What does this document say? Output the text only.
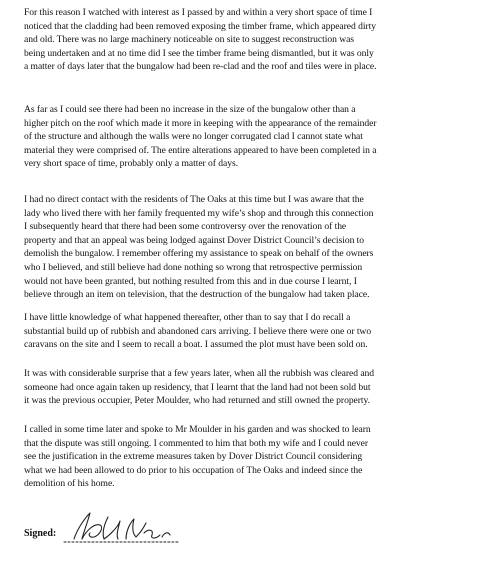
For this reason I watched with interest as I passed by and within a very short space of time I
noticed that the cladding had been removed exposing the timber frame, which appeared dirty
and old. There was no large machinery noticeable on site to suggest reconstruction was
being undertaken and at no time did I see the timber frame being dismantled, but it was only
a matter of days later that the bungalow had been re-clad and the roof and tiles were in place.
As far as I could see there had been no increase in the size of the bungalow other than a
higher pitch on the roof which made it more in keeping with the appearance of the remainder
of the structure and although the walls were no longer corrugated clad I cannot state what
material they were comprised of. The entire alterations appeared to have been completed in a
very short space of time, probably only a matter of days.
I had no direct contact with the residents of The Oaks at this time but I was aware that the
lady who lived there with her family frequented my wife’s shop and through this connection
I subsequently heard that there had been some controversy over the renovation of the
property and that an appeal was being lodged against Dover District Council’s decision to
demolish the bungalow. I remember offering my assistance to speak on behalf of the owners
who I believed, and still believe had done nothing so wrong that retrospective permission
would not have been granted, but nothing resulted from this and in due course I learnt, I
believe through an item on television, that the destruction of the bungalow had taken place.
I have little knowledge of what happened thereafter, other than to say that I do recall a
substantial build up of rubbish and abandoned cars arriving. I believe there were one or two
caravans on the site and I seem to recall a boat. I assumed the plot must have been sold on.
It was with considerable surprise that a few years later, when all the rubbish was cleared and
someone had once again taken up residency, that I learnt that the land had not been sold but
it was the previous occupier, Peter Moulder, who had returned and still owned the property.
I called in some time later and spoke to Mr Moulder in his garden and was shocked to learn
that the dispute was still ongoing. I commented to him that both my wife and I could never
see the justification in the extreme measures taken by Dover District Council considering
what we had been allowed to do prior to his occupation of The Oaks and indeed since the
demolition of his home.
Signed:
